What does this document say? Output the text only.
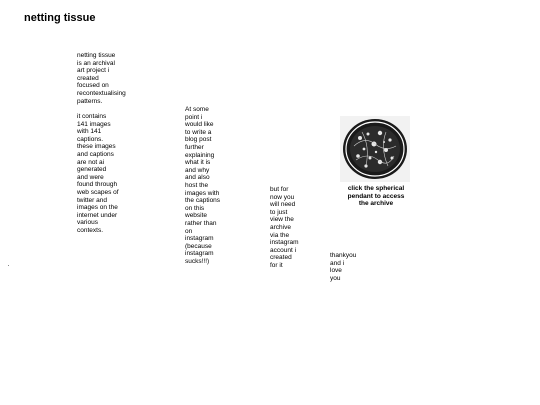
netting tissue

netting tissue
is an archival
art project i
created
focused on
recontextualising
patterns.

it contains
141 images
with 141
captions.
these images
and captions
are not ai
generated
and were
found through
web scapes of
twitter and
images on the
internet under
various
contexts.

At some
point i
would like
to write a
blog post
further
explaining
what it is
and why
and also
host the
images with
the captions
on this
website
rather than
on
instagram
(because
instagram
sucks!!!)

but for
now you
will need
to just
view the
archive
via the
instagram
account i
created
for it

thankyou
and i
love
you

click the spherical
pendant to access
the archive
